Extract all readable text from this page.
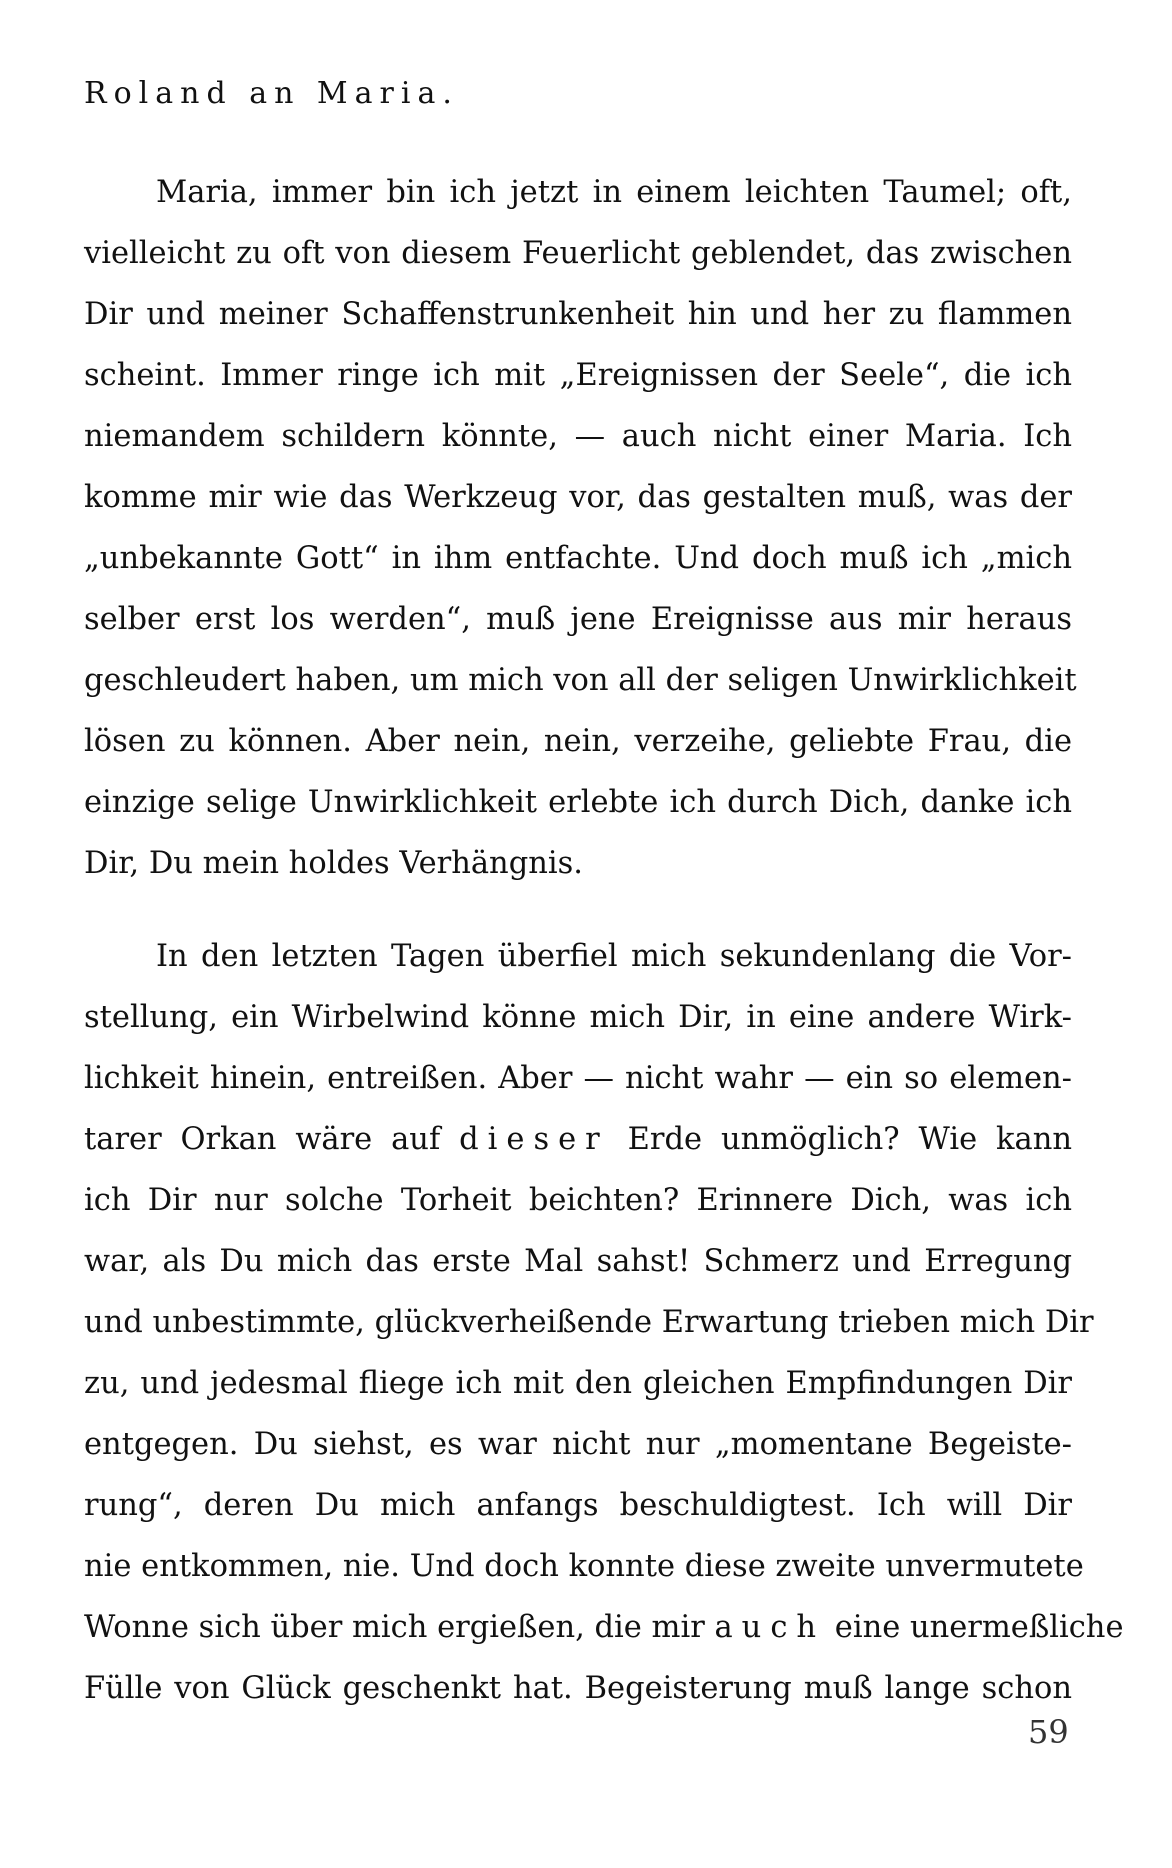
Roland an Maria.
Maria, immer bin ich jetzt in einem leichten Taumel; oft,
vielleicht zu oft von diesem Feuerlicht geblendet, das zwischen
Dir und meiner Schaffenstrunkenheit hin und her zu flammen
scheint. Immer ringe ich mit „Ereignissen der Seele“, die ich
niemandem schildern könnte, — auch nicht einer Maria. Ich
komme mir wie das Werkzeug vor, das gestalten muß, was der
„unbekannte Gott“ in ihm entfachte. Und doch muß ich „mich
selber erst los werden“, muß jene Ereignisse aus mir heraus
geschleudert haben, um mich von all der seligen Unwirklichkeit
lösen zu können. Aber nein, nein, verzeihe, geliebte Frau, die
einzige selige Unwirklichkeit erlebte ich durch Dich, danke ich
Dir, Du mein holdes Verhängnis.
In den letzten Tagen überfiel mich sekundenlang die Vor-
stellung, ein Wirbelwind könne mich Dir, in eine andere Wirk-
lichkeit hinein, entreißen. Aber — nicht wahr — ein so elemen-
tarer Orkan wäre auf dieser Erde unmöglich? Wie kann
ich Dir nur solche Torheit beichten? Erinnere Dich, was ich
war, als Du mich das erste Mal sahst! Schmerz und Erregung
und unbestimmte, glückverheißende Erwartung trieben mich Dir
zu, und jedesmal fliege ich mit den gleichen Empfindungen Dir
entgegen. Du siehst, es war nicht nur „momentane Begeiste-
rung“, deren Du mich anfangs beschuldigtest. Ich will Dir
nie entkommen, nie. Und doch konnte diese zweite unvermutete
Wonne sich über mich ergießen, die mir auch eine unermeßliche
Fülle von Glück geschenkt hat. Begeisterung muß lange schon
59
